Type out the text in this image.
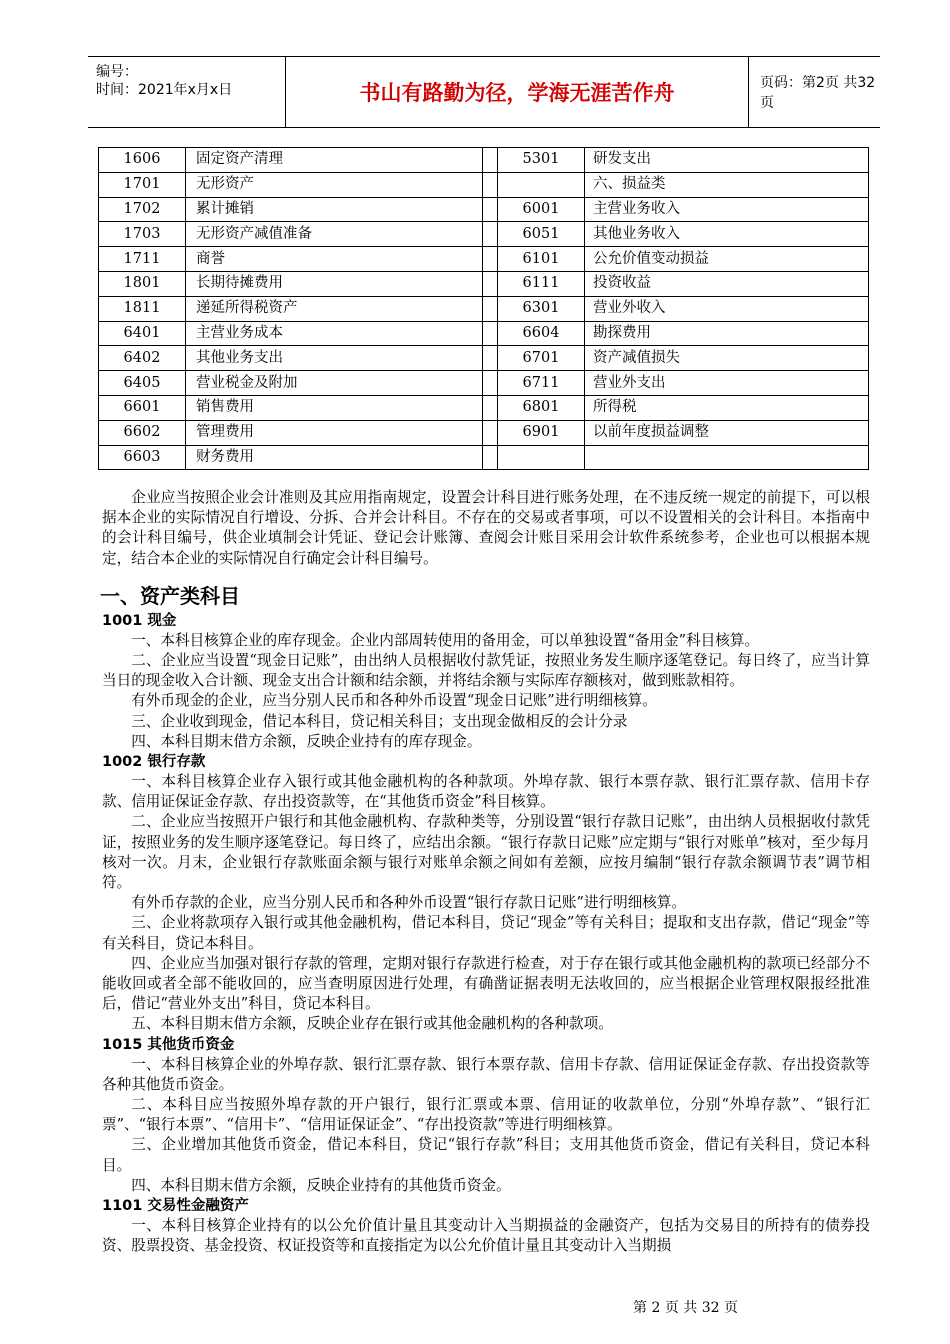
编号：
时间：2021年x月x日	书山有路勤为径，学海无涯苦作舟	页码：第2页 共32页
1606	固定资产清理		5301	研发支出
1701	无形资产			六、损益类
1702	累计摊销		6001	主营业务收入
1703	无形资产减值准备		6051	其他业务收入
1711	商誉		6101	公允价值变动损益
1801	长期待摊费用		6111	投资收益
1811	递延所得税资产		6301	营业外收入
6401	主营业务成本		6604	勘探费用
6402	其他业务支出		6701	资产减值损失
6405	营业税金及附加		6711	营业外支出
6601	销售费用		6801	所得税
6602	管理费用		6901	以前年度损益调整
6603	财务费用			

企业应当按照企业会计准则及其应用指南规定，设置会计科目进行账务处理，在不违反统一规定的前提下，可以根据本企业的实际情况自行增设、分拆、合并会计科目。不存在的交易或者事项，可以不设置相关的会计科目。本指南中的会计科目编号，供企业填制会计凭证、登记会计账簿、查阅会计账目采用会计软件系统参考，企业也可以根据本规定，结合本企业的实际情况自行确定会计科目编号。

一、资产类科目
1001 现金

一、本科目核算企业的库存现金。企业内部周转使用的备用金，可以单独设置“备用金”科目核算。

二、企业应当设置“现金日记账”，由出纳人员根据收付款凭证，按照业务发生顺序逐笔登记。每日终了，应当计算当日的现金收入合计额、现金支出合计额和结余额，并将结余额与实际库存额核对，做到账款相符。

有外币现金的企业，应当分别人民币和各种外币设置“现金日记账”进行明细核算。

三、企业收到现金，借记本科目，贷记相关科目；支出现金做相反的会计分录

四、本科目期末借方余额，反映企业持有的库存现金。

1002 银行存款

一、本科目核算企业存入银行或其他金融机构的各种款项。外埠存款、银行本票存款、银行汇票存款、信用卡存款、信用证保证金存款、存出投资款等，在“其他货币资金”科目核算。

二、企业应当按照开户银行和其他金融机构、存款种类等，分别设置“银行存款日记账”，由出纳人员根据收付款凭证，按照业务的发生顺序逐笔登记。每日终了，应结出余额。“银行存款日记账”应定期与“银行对账单”核对，至少每月核对一次。月末，企业银行存款账面余额与银行对账单余额之间如有差额，应按月编制“银行存款余额调节表”调节相符。

有外币存款的企业，应当分别人民币和各种外币设置“银行存款日记账”进行明细核算。

三、企业将款项存入银行或其他金融机构，借记本科目，贷记“现金”等有关科目；提取和支出存款，借记“现金”等有关科目，贷记本科目。

四、企业应当加强对银行存款的管理，定期对银行存款进行检查，对于存在银行或其他金融机构的款项已经部分不能收回或者全部不能收回的，应当查明原因进行处理，有确凿证据表明无法收回的，应当根据企业管理权限报经批准后，借记“营业外支出”科目，贷记本科目。

五、本科目期末借方余额，反映企业存在银行或其他金融机构的各种款项。

1015 其他货币资金

一、本科目核算企业的外埠存款、银行汇票存款、银行本票存款、信用卡存款、信用证保证金存款、存出投资款等各种其他货币资金。

二、本科目应当按照外埠存款的开户银行，银行汇票或本票、信用证的收款单位，分别“外埠存款”、“银行汇票”、“银行本票”、“信用卡”、“信用证保证金”、“存出投资款”等进行明细核算。

三、企业增加其他货币资金，借记本科目，贷记“银行存款”科目；支用其他货币资金，借记有关科目，贷记本科目。

四、本科目期末借方余额，反映企业持有的其他货币资金。

1101 交易性金融资产

一、本科目核算企业持有的以公允价值计量且其变动计入当期损益的金融资产，包括为交易目的所持有的债券投资、股票投资、基金投资、权证投资等和直接指定为以公允价值计量且其变动计入当期损

第 2 页 共 32 页
